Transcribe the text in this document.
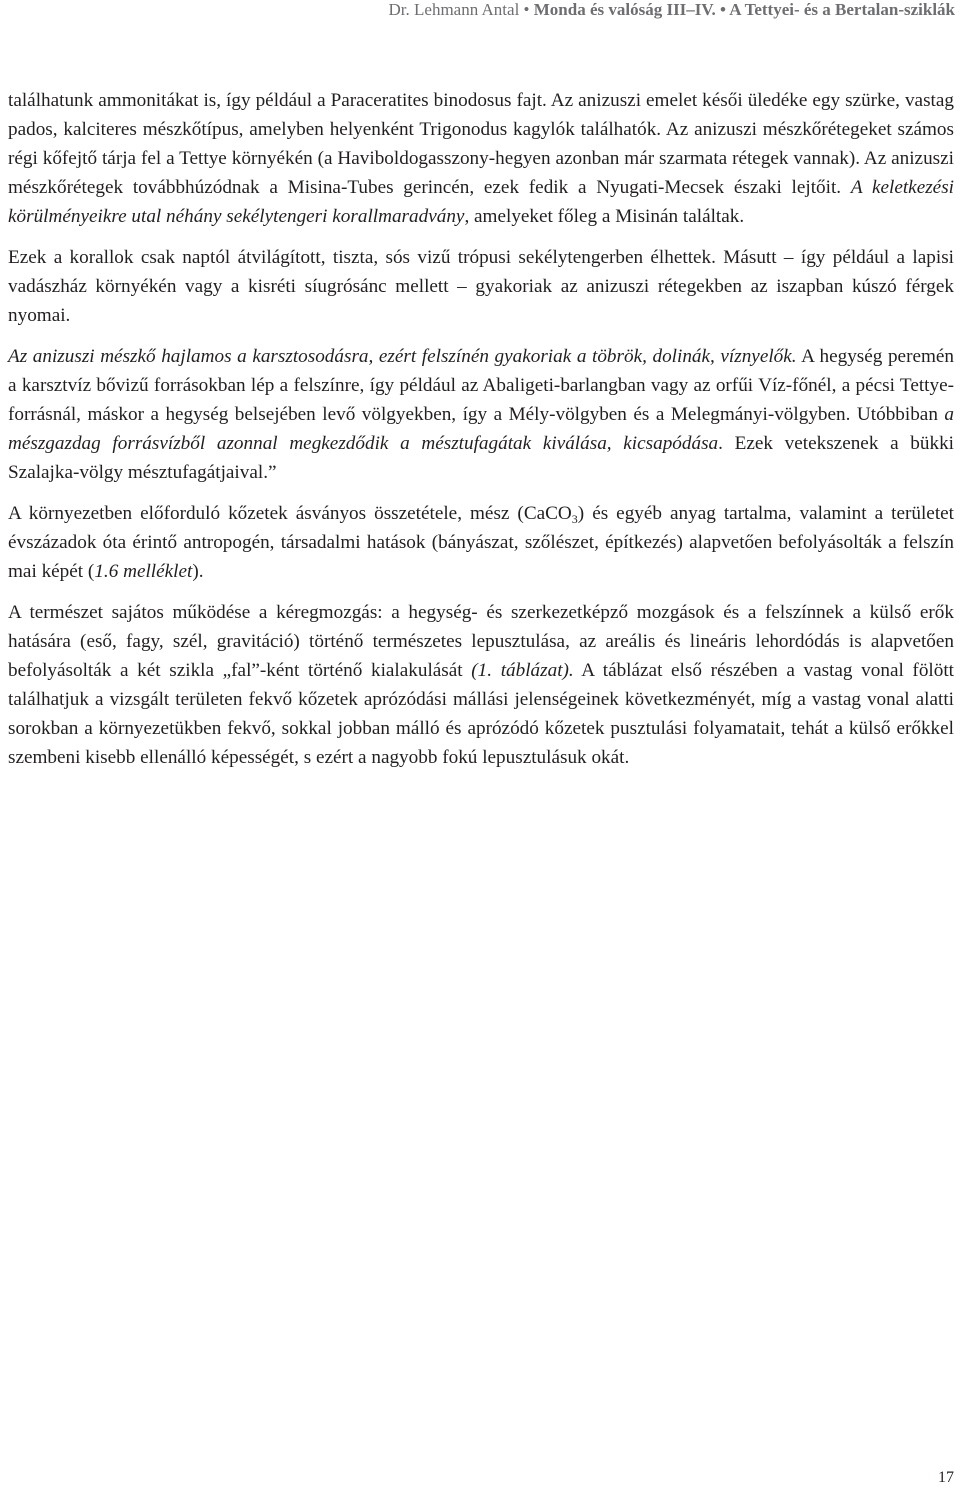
Dr. Lehmann Antal • Monda és valóság III–IV. • A Tettyei- és a Bertalan-sziklák

találhatunk ammonitákat is, így például a Paraceratites binodosus fajt. Az anizuszi emelet késői üledéke egy szürke, vastag pados, kalciteres mészkőtípus, amelyben helyenként Trigonodus kagylók találhatók. Az anizuszi mészkőrétegeket számos régi kőfejtő tárja fel a Tettye környékén (a Haviboldogasszony-hegyen azonban már szarmata rétegek vannak). Az anizuszi mészkőrétegek továbbhúzódnak a Misina-Tubes gerincén, ezek fedik a Nyugati-Mecsek északi lejtőit. A keletkezési körülményeikre utal néhány sekélytengeri korallmaradvány, amelyeket főleg a Misinán találtak.

Ezek a korallok csak naptól átvilágított, tiszta, sós vizű trópusi sekélytengerben élhettek. Másutt – így például a lapisi vadászház környékén vagy a kisréti síugrósánc mellett – gyakoriak az anizuszi rétegekben az iszapban kúszó férgek nyomai.

Az anizuszi mészkő hajlamos a karsztosodásra, ezért felszínén gyakoriak a töbrök, dolinák, víznyelők. A hegység peremén a karsztvíz bővizű forrásokban lép a felszínre, így például az Abaligeti-barlangban vagy az orfűi Víz-főnél, a pécsi Tettye-forrásnál, máskor a hegység belsejében levő völgyekben, így a Mély-völgyben és a Melegmányi-völgyben. Utóbbiban a mészgazdag forrásvízből azonnal megkezdődik a mésztufagátak kiválása, kicsapódása. Ezek vetekszenek a bükki Szalajka-völgy mésztufagátjaival.”

A környezetben előforduló kőzetek ásványos összetétele, mész (CaCO$_3$) és egyéb anyag tartalma, valamint a területet évszázadok óta érintő antropogén, társadalmi hatások (bányászat, szőlészet, építkezés) alapvetően befolyásolták a felszín mai képét (1.6 melléklet).

A természet sajátos működése a kéregmozgás: a hegység- és szerkezetképző mozgások és a felszínnek a külső erők hatására (eső, fagy, szél, gravitáció) történő természetes lepusztulása, az areális és lineáris lehordódás is alapvetően befolyásolták a két szikla „fal”-ként történő kialakulását (1. táblázat). A táblázat első részében a vastag vonal fölött találhatjuk a vizsgált területen fekvő kőzetek aprózódási mállási jelenségeinek következményét, míg a vastag vonal alatti sorokban a környezetükben fekvő, sokkal jobban málló és aprózódó kőzetek pusztulási folyamatait, tehát a külső erőkkel szembeni kisebb ellenálló képességét, s ezért a nagyobb fokú lepusztulásuk okát.

17
